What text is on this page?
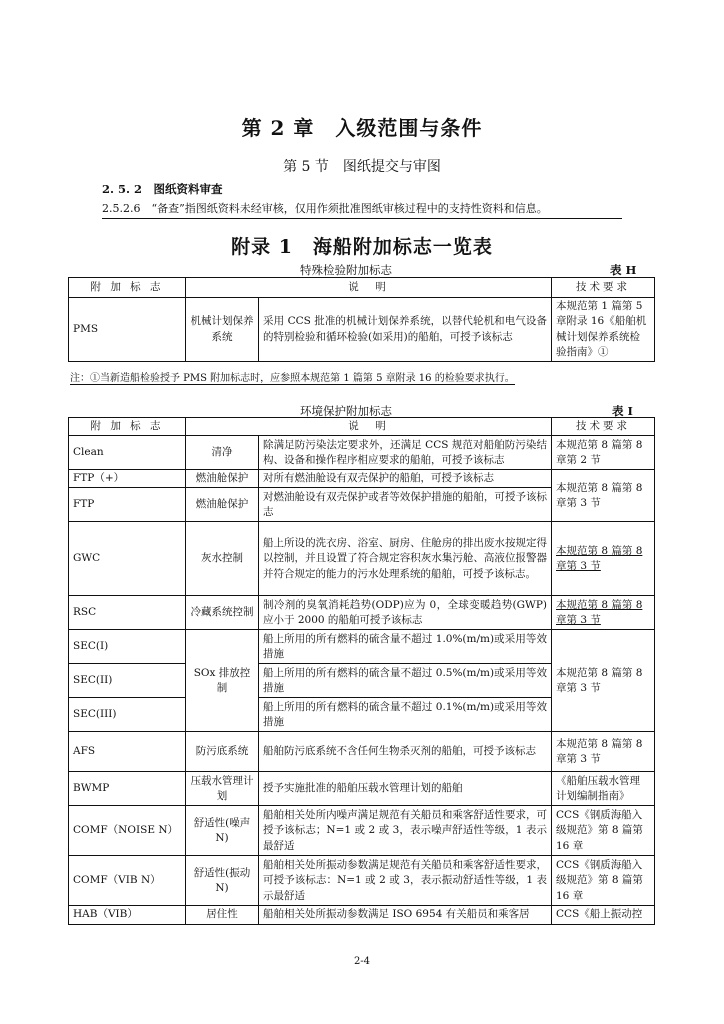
第 2 章　入级范围与条件
第 5 节　图纸提交与审图
2. 5. 2　图纸资料审查
2.5.2.6　“备查”指图纸资料未经审核，仅用作须批准图纸审核过程中的支持性资料和信息。
附录 1　海船附加标志一览表
特殊检验附加标志	表 H
附 加 标 志	说　明		技术要求
PMS	机械计划保养系统	采用 CCS 批准的机械计划保养系统，以替代轮机和电气设备的特别检验和循环检验(如采用)的船舶，可授予该标志	本规范第 1 篇第 5 章附录 16《船舶机械计划保养系统检验指南》①
注：①当新造船检验授予 PMS 附加标志时，应参照本规范第 1 篇第 5 章附录 16 的检验要求执行。
环境保护附加标志	表 I
附 加 标 志	说　明		技术要求
Clean	清净	除满足防污染法定要求外，还满足 CCS 规范对船舶防污染结构、设备和操作程序相应要求的船舶，可授予该标志	本规范第 8 篇第 8 章第 2 节
FTP（+）	燃油舱保护	对所有燃油舱设有双壳保护的船舶，可授予该标志	本规范第 8 篇第 8 章第 3 节
FTP	燃油舱保护	对燃油舱设有双壳保护或者等效保护措施的船舶，可授予该标志	
GWC	灰水控制	船上所设的洗衣房、浴室、厨房、住舱房的排出废水按规定得以控制，并且设置了符合规定容积灰水集污舱、高液位报警器并符合规定的能力的污水处理系统的船舶，可授予该标志。	本规范第 8 篇第 8 章第 3 节
RSC	冷藏系统控制	制冷剂的臭氧消耗趋势(ODP)应为 0，全球变暖趋势(GWP)应小于 2000 的船舶可授予该标志	本规范第 8 篇第 8 章第 3 节
SEC(I)	SOx 排放控制	船上所用的所有燃料的硫含量不超过 1.0%(m/m)或采用等效措施	本规范第 8 篇第 8 章第 3 节
SEC(II)		船上所用的所有燃料的硫含量不超过 0.5%(m/m)或采用等效措施	
SEC(III)		船上所用的所有燃料的硫含量不超过 0.1%(m/m)或采用等效措施	
AFS	防污底系统	船舶防污底系统不含任何生物杀灭剂的船舶，可授予该标志	本规范第 8 篇第 8 章第 3 节
BWMP	压载水管理计划	授予实施批准的船舶压载水管理计划的船舶	《船舶压载水管理计划编制指南》
COMF（NOISE N）	舒适性(噪声 N)	船舶相关处所内噪声满足规范有关船员和乘客舒适性要求，可授予该标志；N=1 或 2 或 3，表示噪声舒适性等级，1 表示最舒适	CCS《钢质海船入级规范》第 8 篇第 16 章
COMF（VIB N）	舒适性(振动 N)	船舶相关处所振动参数满足规范有关船员和乘客舒适性要求，可授予该标志：N=1 或 2 或 3，表示振动舒适性等级，1 表示最舒适	CCS《钢质海船入级规范》第 8 篇第 16 章
HAB（VIB）	居住性	船舶相关处所振动参数满足 ISO 6954 有关船员和乘客居	CCS《船上振动控
2-4
